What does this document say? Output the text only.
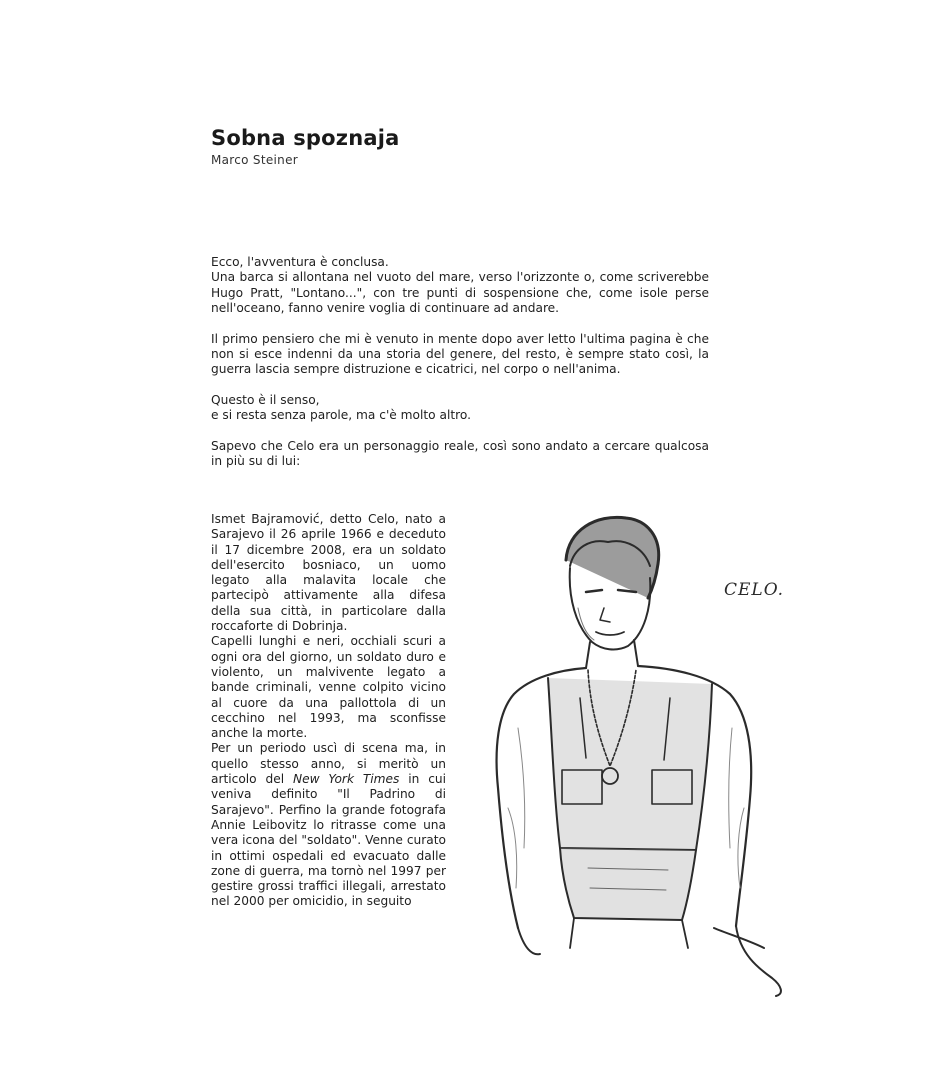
Sobna spoznaja
Marco Steiner

Ecco, l'avventura è conclusa.
Una barca si allontana nel vuoto del mare, verso l'orizzonte o, come scriverebbe Hugo Pratt, "Lontano...", con tre punti di sospensione che, come isole perse nell'oceano, fanno venire voglia di continuare ad andare.

Il primo pensiero che mi è venuto in mente dopo aver letto l'ultima pagina è che non si esce indenni da una storia del genere, del resto, è sempre stato così, la guerra lascia sempre distruzione e cicatrici, nel corpo o nell'anima.

Questo è il senso,
e si resta senza parole, ma c'è molto altro.

Sapevo che Celo era un personaggio reale, così sono andato a cercare qualcosa in più su di lui:

Ismet Bajramović, detto Celo, nato a Sarajevo il 26 aprile 1966 e deceduto il 17 dicembre 2008, era un soldato dell'esercito bosniaco, un uomo legato alla malavita locale che partecipò attivamente alla difesa della sua città, in particolare dalla roccaforte di Dobrinja.

Capelli lunghi e neri, occhiali scuri a ogni ora del giorno, un soldato duro e violento, un malvivente legato a bande criminali, venne colpito vicino al cuore da una pallottola di un cecchino nel 1993, ma sconfisse anche la morte.

Per un periodo uscì di scena ma, in quello stesso anno, si meritò un articolo del New York Times in cui veniva definito "Il Padrino di Sarajevo". Perfino la grande fotografa Annie Leibovitz lo ritrasse come una vera icona del "soldato". Venne curato in ottimi ospedali ed evacuato dalle zone di guerra, ma tornò nel 1997 per gestire grossi traffici illegali, arrestato nel 2000 per omicidio, in seguito

CELO.
